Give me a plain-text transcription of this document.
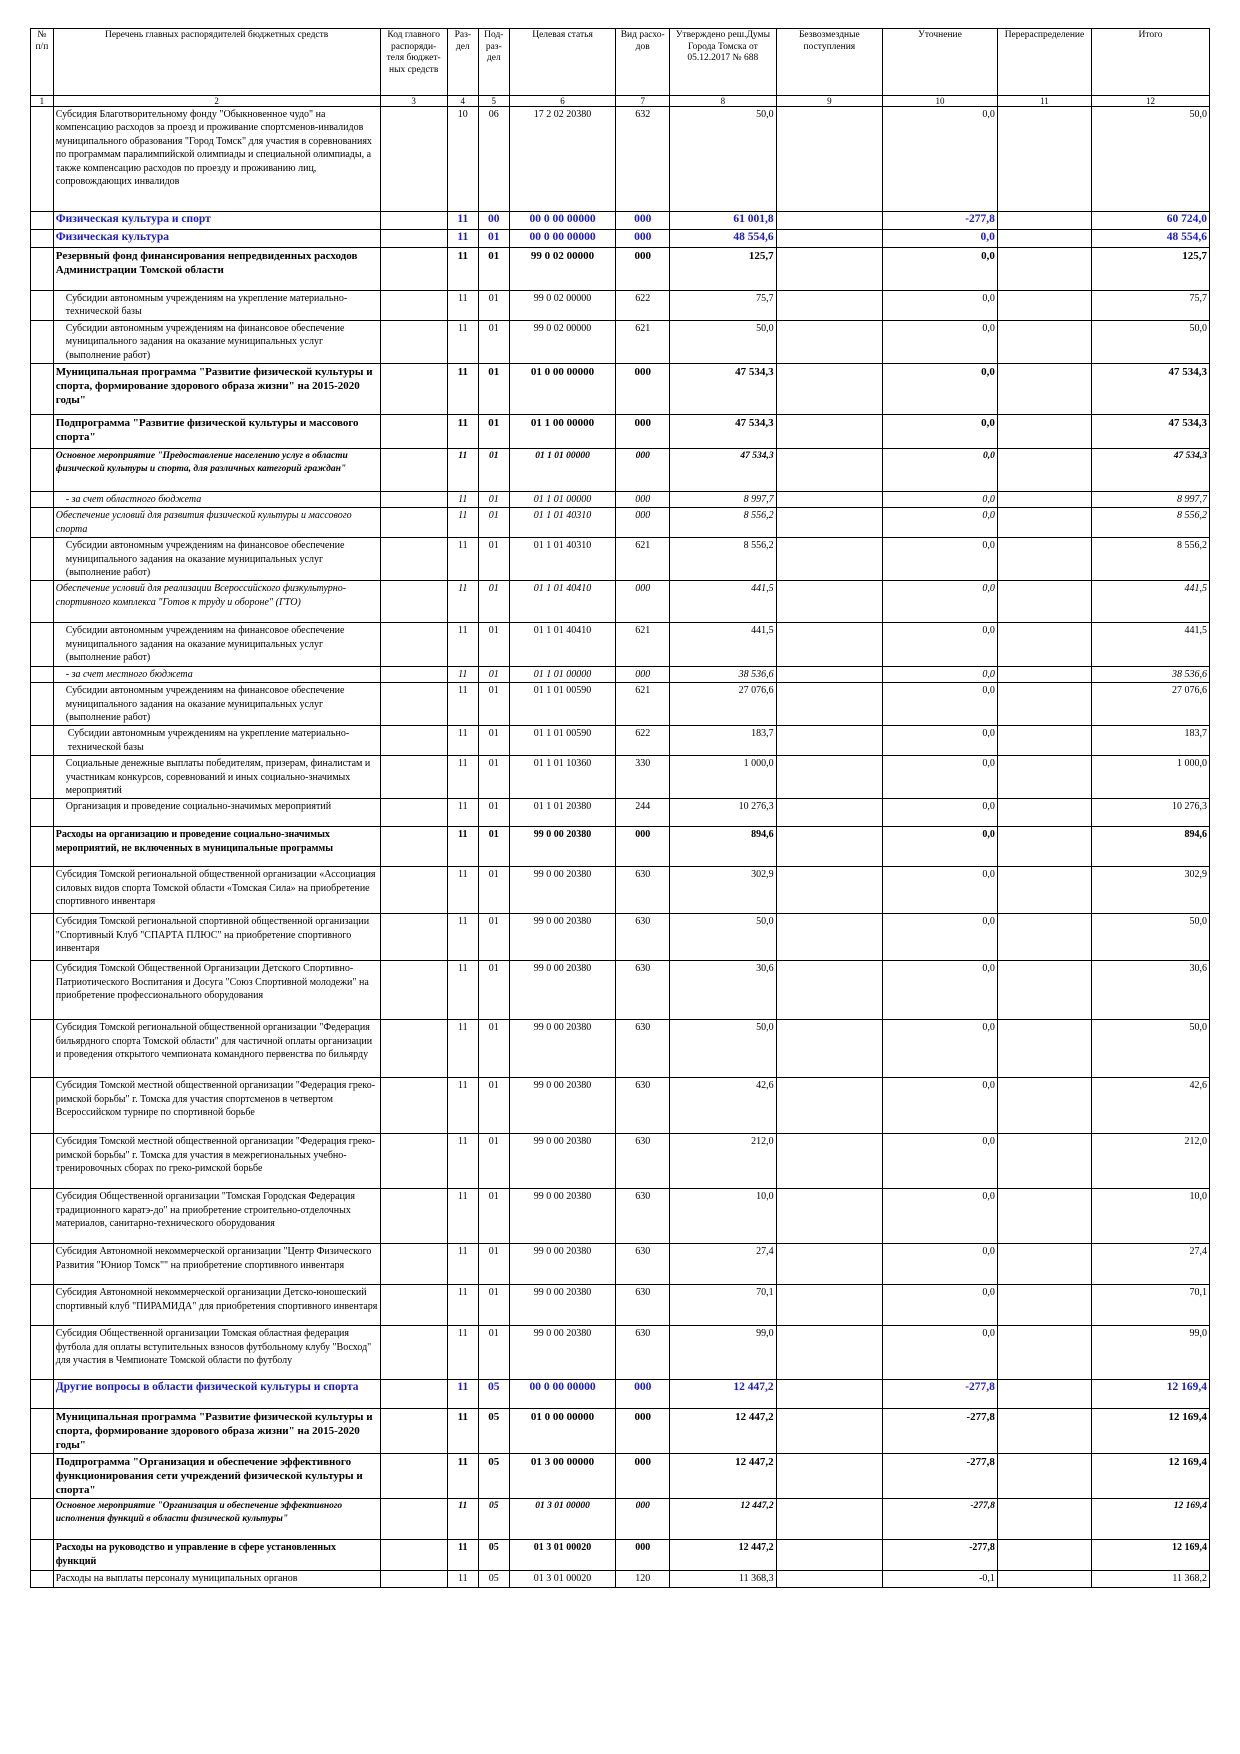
№ п/п	Перечень главных распорядителей бюджетных средств	Код главного распоряди-теля бюджет-ных средств	Раз-дел	Под-раз-дел	Целевая статья	Вид расхо-дов	Утверждено реш.Думы Города Томска от 05.12.2017 № 688	Безвозмездные поступления	Уточнение	Перераспределение	Итого
1	2	3	4	5	6	7	8	9	10	11	12
	Субсидия Благотворительному фонду "Обыкновенное чудо" на компенсацию расходов за проезд и проживание спортсменов-инвалидов муниципального образования "Город Томск" для участия в соревнованиях по программам паралимпийской олимпиады и специальной олимпиады, а также компенсацию расходов по проезду и проживанию лиц, сопровождающих инвалидов		10	06	17 2 02 20380	632	50,0		0,0		50,0
	Физическая культура и спорт		11	00	00 0 00 00000	000	61 001,8		-277,8		60 724,0
	Физическая культура		11	01	00 0 00 00000	000	48 554,6		0,0		48 554,6
	Резервный фонд финансирования непредвиденных расходов Администрации Томской области		11	01	99 0 02 00000	000	125,7		0,0		125,7
	Субсидии автономным учреждениям на укрепление материально-технической базы		11	01	99 0 02 00000	622	75,7		0,0		75,7
	Субсидии автономным учреждениям на финансовое обеспечение муниципального задания на оказание муниципальных услуг (выполнение работ)		11	01	99 0 02 00000	621	50,0		0,0		50,0
	Муниципальная программа "Развитие физической культуры и спорта, формирование здорового образа жизни" на 2015-2020 годы"		11	01	01 0 00 00000	000	47 534,3		0,0		47 534,3
	Подпрограмма "Развитие физической культуры и массового спорта"		11	01	01 1 00 00000	000	47 534,3		0,0		47 534,3
	Основное мероприятие "Предоставление населению услуг в области физической культуры и спорта, для различных категорий граждан"		11	01	01 1 01 00000	000	47 534,3		0,0		47 534,3
	- за счет областного бюджета		11	01	01 1 01 00000	000	8 997,7		0,0		8 997,7
	Обеспечение условий для развития физической культуры и массового спорта		11	01	01 1 01 40310	000	8 556,2		0,0		8 556,2
	Субсидии автономным учреждениям на финансовое обеспечение муниципального задания на оказание муниципальных услуг (выполнение работ)		11	01	01 1 01 40310	621	8 556,2		0,0		8 556,2
	Обеспечение условий для реализации Всероссийского физкультурно-спортивного комплекса "Готов к труду и обороне" (ГТО)		11	01	01 1 01 40410	000	441,5		0,0		441,5
	Субсидии автономным учреждениям на финансовое обеспечение муниципального задания на оказание муниципальных услуг (выполнение работ)		11	01	01 1 01 40410	621	441,5		0,0		441,5
	- за счет местного бюджета		11	01	01 1 01 00000	000	38 536,6		0,0		38 536,6
	Субсидии автономным учреждениям на финансовое обеспечение муниципального задания на оказание муниципальных услуг (выполнение работ)		11	01	01 1 01 00590	621	27 076,6		0,0		27 076,6
	Субсидии автономным учреждениям на укрепление материально-технической базы		11	01	01 1 01 00590	622	183,7		0,0		183,7
	Социальные денежные выплаты победителям, призерам, финалистам и участникам конкурсов, соревнований и иных социально-значимых мероприятий		11	01	01 1 01 10360	330	1 000,0		0,0		1 000,0
	Организация и проведение социально-значимых мероприятий		11	01	01 1 01 20380	244	10 276,3		0,0		10 276,3
	Расходы на организацию и проведение социально-значимых мероприятий, не включенных в муниципальные программы		11	01	99 0 00 20380	000	894,6		0,0		894,6
	Субсидия Томской региональной общественной организации «Ассоциация силовых видов спорта Томской области «Томская Сила» на приобретение спортивного инвентаря		11	01	99 0 00 20380	630	302,9		0,0		302,9
	Субсидия Томской региональной спортивной общественной организации "Спортивный Клуб "СПАРТА ПЛЮС" на приобретение спортивного инвентаря		11	01	99 0 00 20380	630	50,0		0,0		50,0
	Субсидия Томской Общественной Организации Детского Спортивно-Патриотического Воспитания и Досуга "Союз Спортивной молодежи" на приобретение профессионального оборудования		11	01	99 0 00 20380	630	30,6		0,0		30,6
	Субсидия Томской региональной общественной организации "Федерация бильярдного спорта Томской области" для частичной оплаты организации и проведения открытого чемпионата командного первенства по бильярду		11	01	99 0 00 20380	630	50,0		0,0		50,0
	Субсидия Томской местной общественной организации "Федерация греко-римской борьбы" г. Томска для участия спортсменов в четвертом Всероссийском турнире по спортивной борьбе		11	01	99 0 00 20380	630	42,6		0,0		42,6
	Субсидия Томской местной общественной организации "Федерация греко-римской борьбы" г. Томска для участия в межрегиональных учебно-тренировочных сборах по греко-римской борьбе		11	01	99 0 00 20380	630	212,0		0,0		212,0
	Субсидия Общественной организации "Томская Городская Федерация традиционного каратэ-до" на приобретение строительно-отделочных материалов, санитарно-технического оборудования		11	01	99 0 00 20380	630	10,0		0,0		10,0
	Субсидия Автономной некоммерческой организации "Центр Физического Развития "Юниор Томск"" на приобретение спортивного инвентаря		11	01	99 0 00 20380	630	27,4		0,0		27,4
	Субсидия Автономной некоммерческой организации Детско-юношеский спортивный клуб "ПИРАМИДА" для приобретения спортивного инвентаря		11	01	99 0 00 20380	630	70,1		0,0		70,1
	Субсидия Общественной организации Томская областная федерация футбола для оплаты вступительных взносов футбольному клубу "Восход" для участия в Чемпионате Томской области по футболу		11	01	99 0 00 20380	630	99,0		0,0		99,0
	Другие вопросы в области физической культуры и спорта		11	05	00 0 00 00000	000	12 447,2		-277,8		12 169,4
	Муниципальная программа "Развитие физической культуры и спорта, формирование здорового образа жизни" на 2015-2020 годы"		11	05	01 0 00 00000	000	12 447,2		-277,8		12 169,4
	Подпрограмма "Организация и обеспечение эффективного функционирования сети учреждений физической культуры и спорта"		11	05	01 3 00 00000	000	12 447,2		-277,8		12 169,4
	Основное мероприятие "Организация и обеспечение эффективного исполнения функций в области физической культуры"		11	05	01 3 01 00000	000	12 447,2		-277,8		12 169,4
	Расходы на руководство и управление в сфере установленных функций		11	05	01 3 01 00020	000	12 447,2		-277,8		12 169,4
	Расходы на выплаты персоналу муниципальных органов		11	05	01 3 01 00020	120	11 368,3		-0,1		11 368,2
